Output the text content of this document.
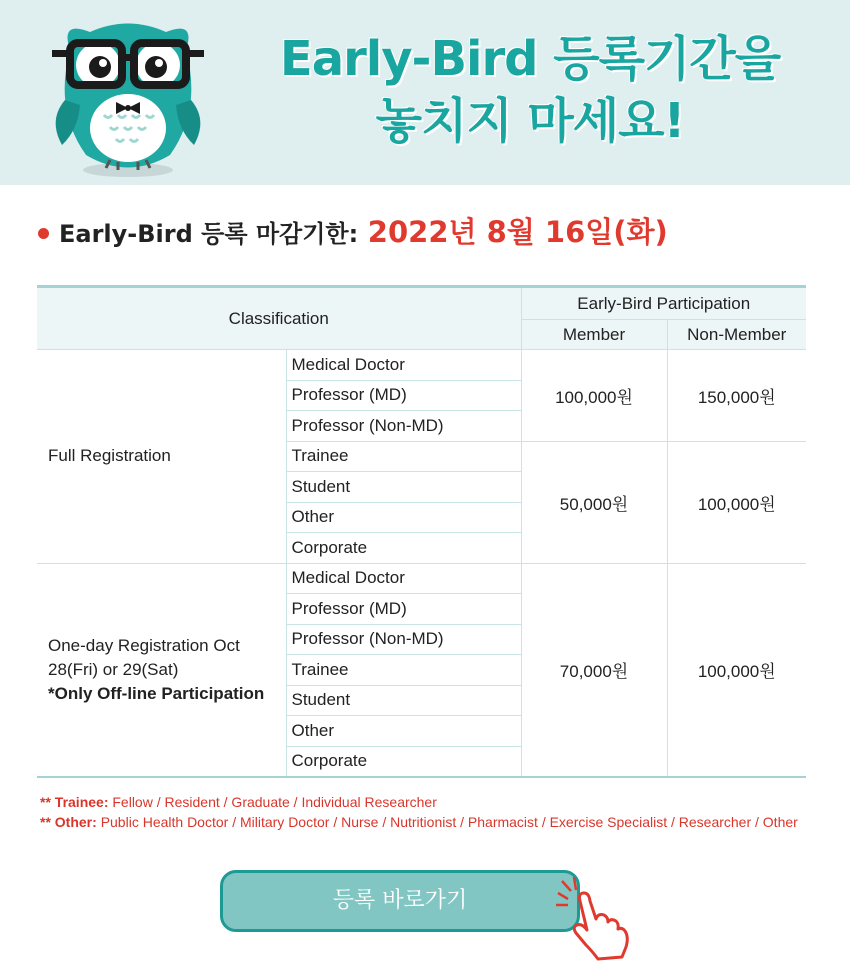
Early-Bird 등록기간을
놓치지 마세요!
Early-Bird 등록 마감기한: 2022년 8월 16일(화)
Classification		Early-Bird Participation	
		Member	Non-Member
Full Registration	Medical Doctor	100,000원	150,000원
	Professor (MD)		
	Professor (Non-MD)		
	Trainee	50,000원	100,000원
	Student		
	Other		
	Corporate		

One-day Registration Oct 28(Fri) or 29(Sat)
*Only Off-line Participation	Medical Doctor	70,000원	100,000원
	Professor (MD)		
	Professor (Non-MD)		
	Trainee		
	Student		
	Other		
	Corporate		
** Trainee: Fellow / Resident / Graduate / Individual Researcher
** Other: Public Health Doctor / Military Doctor / Nurse / Nutritionist / Pharmacist / Exercise Specialist / Researcher / Other
등록 바로가기
